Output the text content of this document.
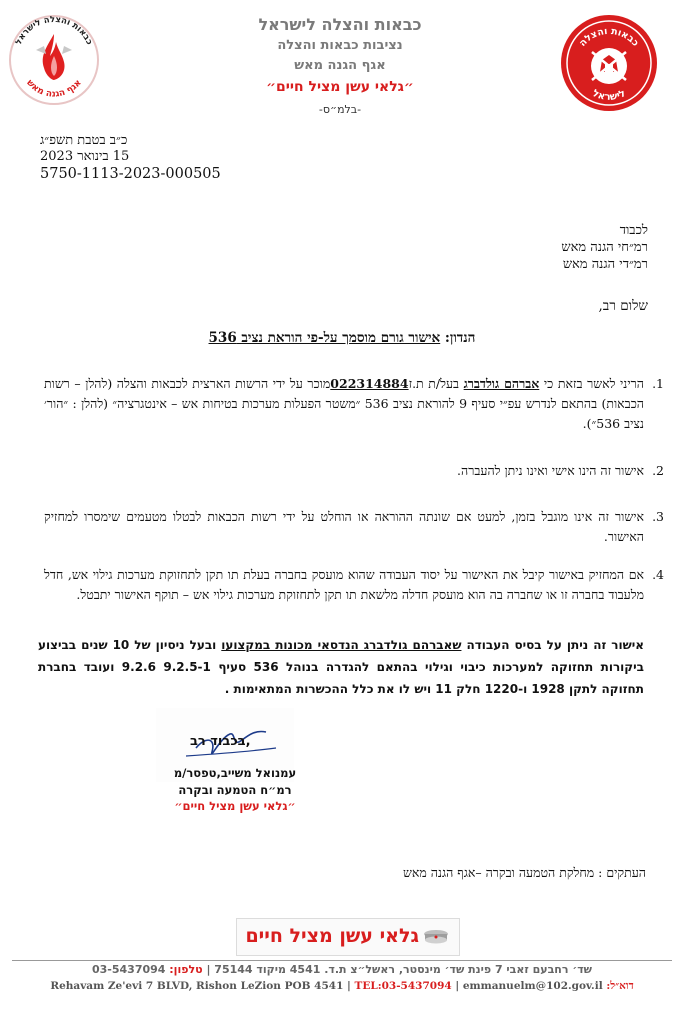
כבאות והצלה לישראל
אגף הגנה מאש
כבאות והצלה
לישראל
כבאות והצלה לישראל
נציבות כבאות והצלה
אגף הגנה מאש
״גלאי עשן מציל חיים״
-בלמ״ס-
כ״ב בטבת תשפ״ג
15 בינואר 2023
5750-1113-2023-000505
לכבוד
רמ״חי הגנה מאש
רמ״די הגנה מאש
שלום רב,
הנדון: אישור גורם מוסמך על-פי הוראת נציב 536
1.
הריני לאשר בזאת כי אברהם גולדברג בעל/ת ת.ז022314884מוכר על ידי הרשות הארצית לכבאות והצלה (להלן – רשות הכבאות) בהתאם לנדרש עפ״י סעיף 9 להוראת נציב 536 ״משטר הפעלות מערכות בטיחות אש – אינטגרציה״ (להלן : ״הור׳ נציב 536״).
2.
אישור זה הינו אישי ואינו ניתן להעברה.
3.
אישור זה אינו מוגבל בזמן, למעט אם שונתה ההוראה או הוחלט על ידי רשות הכבאות לבטלו מטעמים שימסרו למחזיק האישור.
4.
אם המחזיק באישור קיבל את האישור על יסוד העבודה שהוא מועסק בחברה בעלת תו תקן לתחזוקת מערכות גילוי אש, חדל מלעבוד בחברה זו או שחברה בה הוא מועסק חדלה מלשאת תו תקן לתחזוקת מערכות גילוי אש – תוקף האישור יתבטל.
אישור זה ניתן על בסיס העבודה שאברהם גולדברג הנדסאי מכונות במקצועו ובעל ניסיון של 10 שנים בביצוע ביקורות תחזוקה למערכות כיבוי וגילוי בהתאם להגדרה בנוהל 536 סעיף 9.2.5-1 9.2.6 ועובד בחברת תחזוקה לתקן 1928 ו-1220 חלק 11 ויש לו את כלל ההכשרות המתאימות .
בכבוד רב,
עמנואל משייב,טפסר/מ
רמ״ח הטמעה ובקרה
״גלאי עשן מציל חיים״
העתקים : מחלקת הטמעה ובקרה –אגף הגנה מאש
גלאי עשן מציל חיים
שד׳ רחבעם זאבי 7 פינת שד׳ מינסטר, ראשל״צ ת.ד. 4541 מיקוד 75144 | טלפון: 03-5437094
Rehavam Ze'evi 7 BLVD, Rishon LeZion POB 4541 | TEL:03-5437094 | emmanuelm@102.gov.il :דוא״ל
